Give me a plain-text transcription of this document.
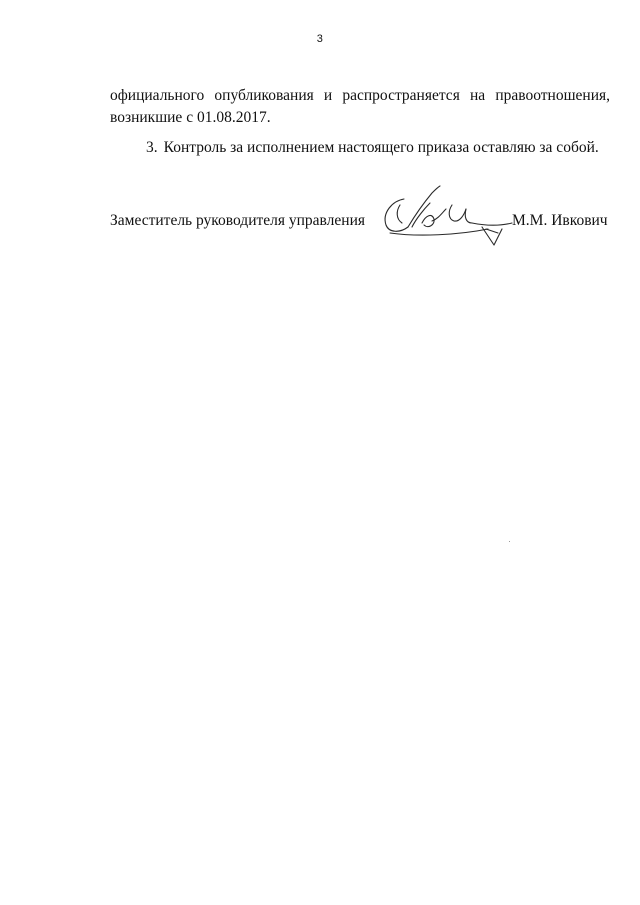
3
официального опубликования и распространяется на правоотношения,
возникшие с 01.08.2017.
3. Контроль за исполнением настоящего приказа оставляю за собой.
Заместитель руководителя управления	М.М. Ивкович
